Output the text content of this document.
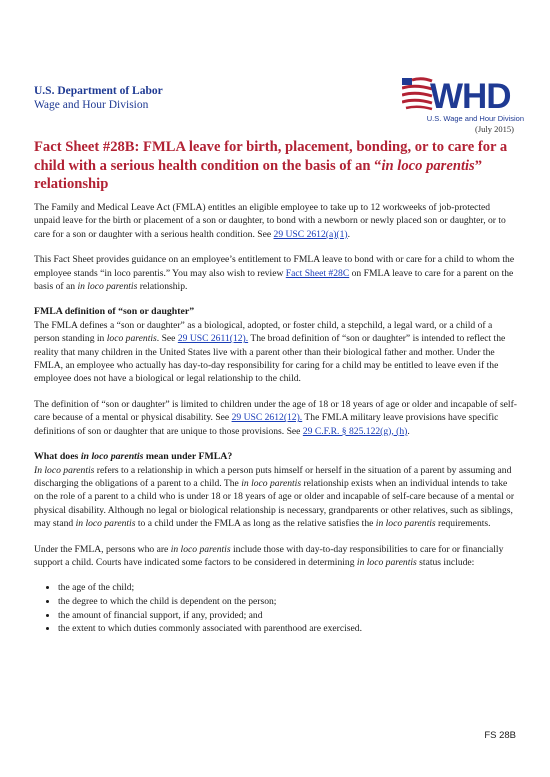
U.S. Department of Labor
Wage and Hour Division	WHD
U.S. Wage and Hour Division
(July 2015)
Fact Sheet #28B: FMLA leave for birth, placement, bonding, or to care for a child with a serious health condition on the basis of an “in loco parentis” relationship

The Family and Medical Leave Act (FMLA) entitles an eligible employee to take up to 12 workweeks of job-protected unpaid leave for the birth or placement of a son or daughter, to bond with a newborn or newly placed son or daughter, or to care for a son or daughter with a serious health condition. See 29 USC 2612(a)(1).

This Fact Sheet provides guidance on an employee’s entitlement to FMLA leave to bond with or care for a child to whom the employee stands “in loco parentis.” You may also wish to review Fact Sheet #28C on FMLA leave to care for a parent on the basis of an in loco parentis relationship.

FMLA definition of “son or daughter”

The FMLA defines a “son or daughter” as a biological, adopted, or foster child, a stepchild, a legal ward, or a child of a person standing in loco parentis. See 29 USC 2611(12). The broad definition of “son or daughter” is intended to reflect the reality that many children in the United States live with a parent other than their biological father and mother. Under the FMLA, an employee who actually has day-to-day responsibility for caring for a child may be entitled to leave even if the employee does not have a biological or legal relationship to the child.

The definition of “son or daughter” is limited to children under the age of 18 or 18 years of age or older and incapable of self-care because of a mental or physical disability. See 29 USC 2612(12). The FMLA military leave provisions have specific definitions of son or daughter that are unique to those provisions. See 29 C.F.R. § 825.122(g), (h).

What does in loco parentis mean under FMLA?

In loco parentis refers to a relationship in which a person puts himself or herself in the situation of a parent by assuming and discharging the obligations of a parent to a child. The in loco parentis relationship exists when an individual intends to take on the role of a parent to a child who is under 18 or 18 years of age or older and incapable of self-care because of a mental or physical disability. Although no legal or biological relationship is necessary, grandparents or other relatives, such as siblings, may stand in loco parentis to a child under the FMLA as long as the relative satisfies the in loco parentis requirements.

Under the FMLA, persons who are in loco parentis include those with day-to-day responsibilities to care for or financially support a child. Courts have indicated some factors to be considered in determining in loco parentis status include:

• the age of the child;
• the degree to which the child is dependent on the person;
• the amount of financial support, if any, provided; and
• the extent to which duties commonly associated with parenthood are exercised.
FS 28B
